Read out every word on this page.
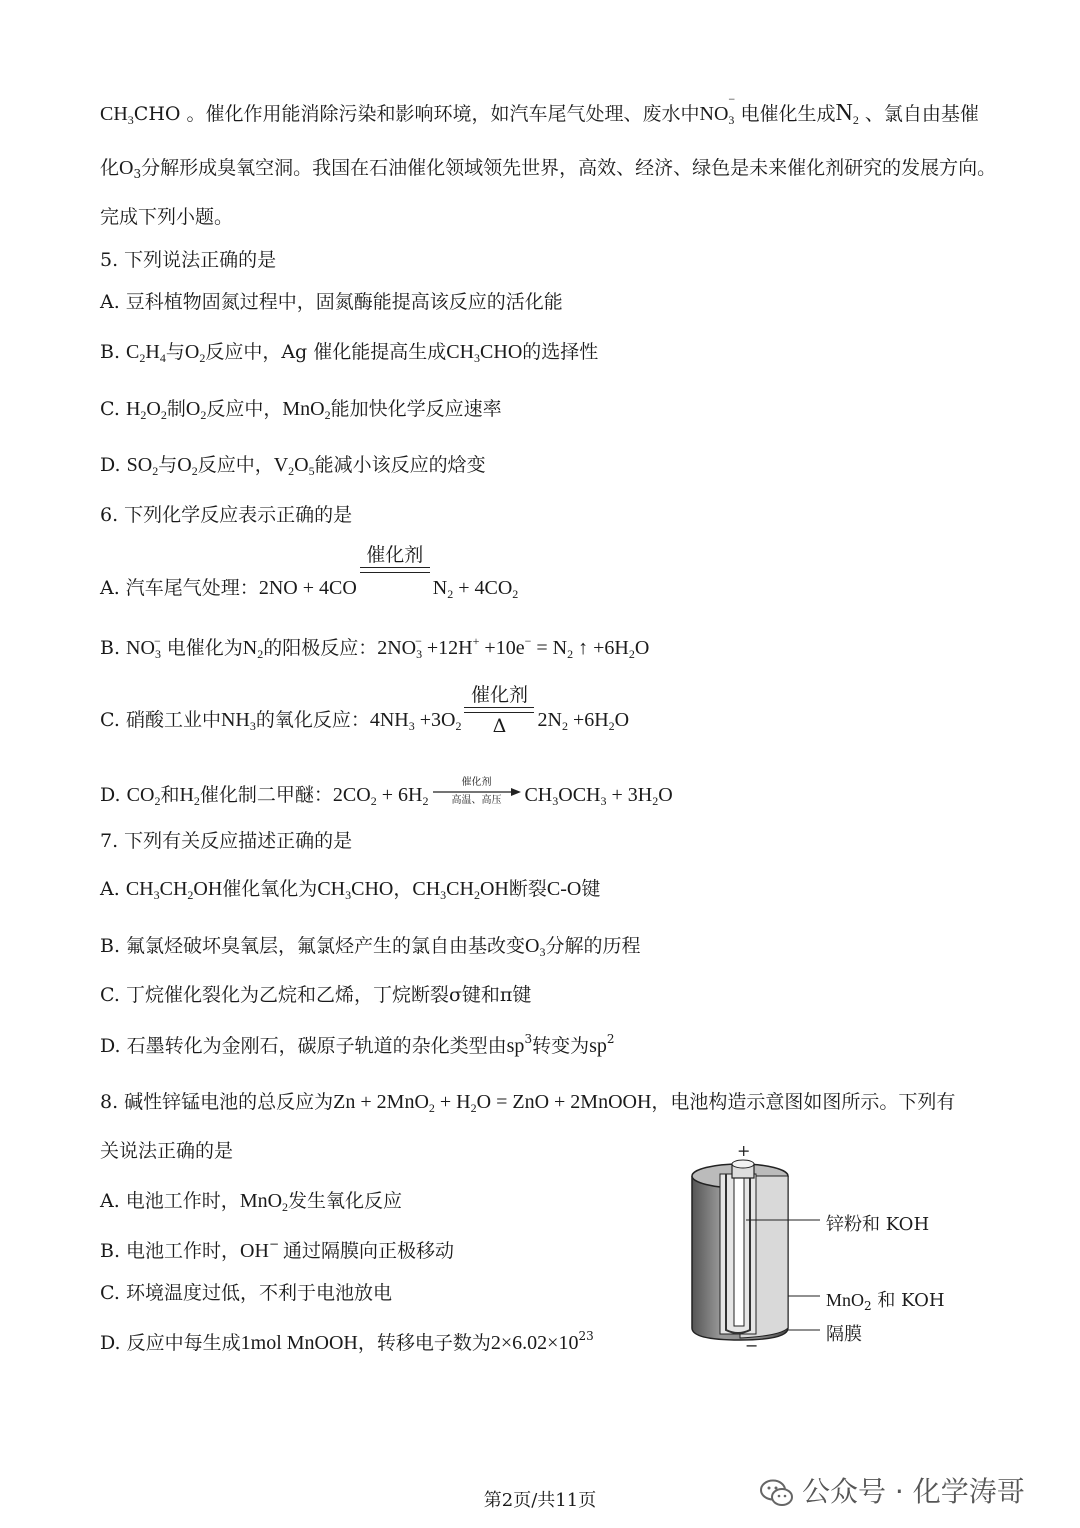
$CH_3CHO$ 。催化作用能消除污染和影响环境，如汽车尾气处理、废水中$NO_{3 -}$
电催化生成$N_2$ 、氯自由基催
化$O_3$分解形成臭氧空洞。我国在石油催化领域领先世界，高效、经济、绿色是未来催化剂研究的发展方向。
完成下列小题。
5. 下列说法正确的是
A. 豆科植物固氮过程中，固氮酶能提高该反应的活化能
B. $C_2H_4$与$O_2$反应中，Ag 催化能提高生成$CH_3CHO$的选择性
C. $H_2O_2$制$O_2$反应中，MnO$_2$能加快化学反应速率
D. $SO_2$与$O_2$反应中，$V_2O_5$能减小该反应的焓变
6. 下列化学反应表示正确的是
A. 汽车尾气处理：2NO + 4CO
催化剂

$N_2 + 4CO_2$
B. $NO_3^-$ 电催化为$N_2$的阳极反应：$2NO_3^- +12H^+ +10e^- = N_2$ ↑ $+6H_2O$
C. 硝酸工业中$NH_3$的氧化反应：$4NH_3 +3O_2$
催化剂
Δ	$2N_2 +6H_2O$
D. $CO_2$和$H_2$催化制二甲醚：$2CO_2 + 6H_2$
催化剂
高温、高压	$CH_3OCH_3 + 3H_2O$
7. 下列有关反应描述正确的是
A. $CH_3CH_2OH$催化氧化为$CH_3CHO$，$CH_3CH_2OH$断裂C-O键
B. 氟氯烃破坏臭氧层，氟氯烃产生的氯自由基改变$O_3$分解的历程
C. 丁烷催化裂化为乙烷和乙烯，丁烷断裂σ键和π键
D. 石墨转化为金刚石，碳原子轨道的杂化类型由$sp^3$转变为$sp^2$
8. 碱性锌锰电池的总反应为$Zn + 2MnO_2 + H_2O$ = ZnO + 2MnOOH，电池构造示意图如图所示。下列有
关说法正确的是
A. 电池工作时，MnO$_2$发生氧化反应
B. 电池工作时，OH− 通过隔膜向正极移动
C. 环境温度过低，不利于电池放电
D. 反应中每生成1mol MnOOH，转移电子数为$2\times 6.02\times 10^{23}$
+
−
锌粉和 KOH
MnO$_2$ 和 KOH
隔膜
第2页/共11页	公众号 · 化学涛哥
